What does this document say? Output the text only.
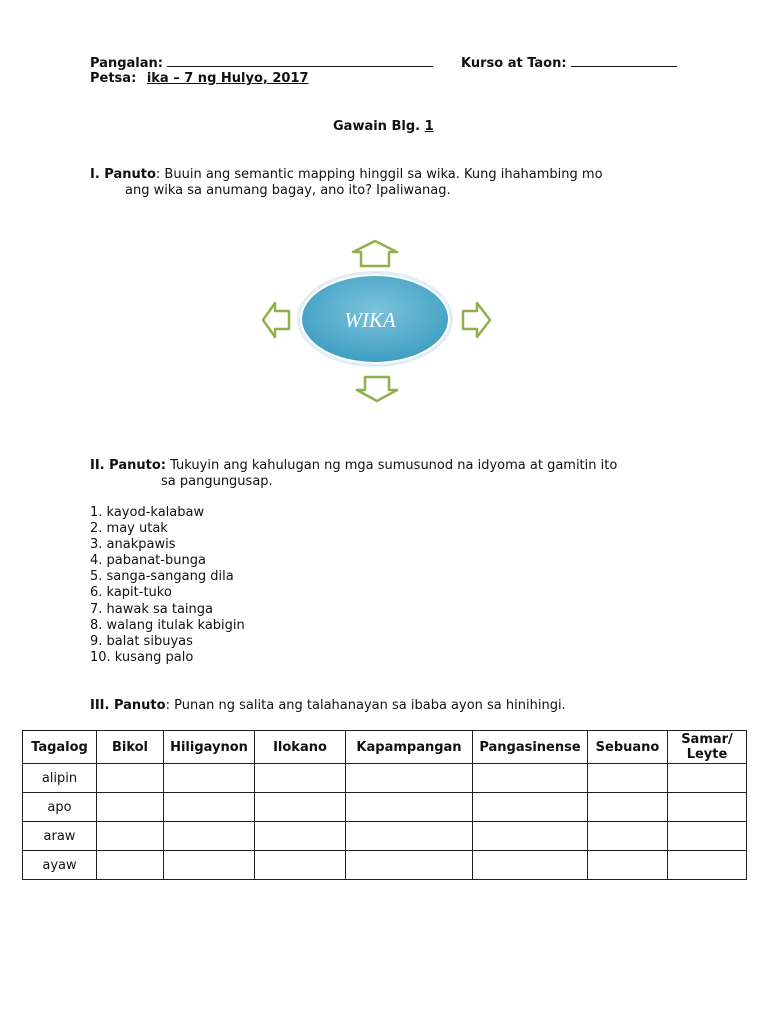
Pangalan:	Kurso at Taon:
Petsa: ika – 7 ng Hulyo, 2017
Gawain Blg. 1
I. Panuto: Buuin ang semantic mapping hinggil sa wika. Kung ihahambing mo
ang wika sa anumang bagay, ano ito? Ipaliwanag.
WIKA
II. Panuto: Tukuyin ang kahulugan ng mga sumusunod na idyoma at gamitin ito
sa pangungusap.
1. kayod-kalabaw
2. may utak
3. anakpawis
4. pabanat-bunga
5. sanga-sangang dila
6. kapit-tuko
7. hawak sa tainga
8. walang itulak kabigin
9. balat sibuyas
10. kusang palo
III. Panuto: Punan ng salita ang talahanayan sa ibaba ayon sa hinihingi.
Tagalog	Bikol	Hiligaynon	Ilokano	Kapampangan	Pangasinense	Sebuano	Samar/ Leyte
alipin							
apo							
araw							
ayaw							
